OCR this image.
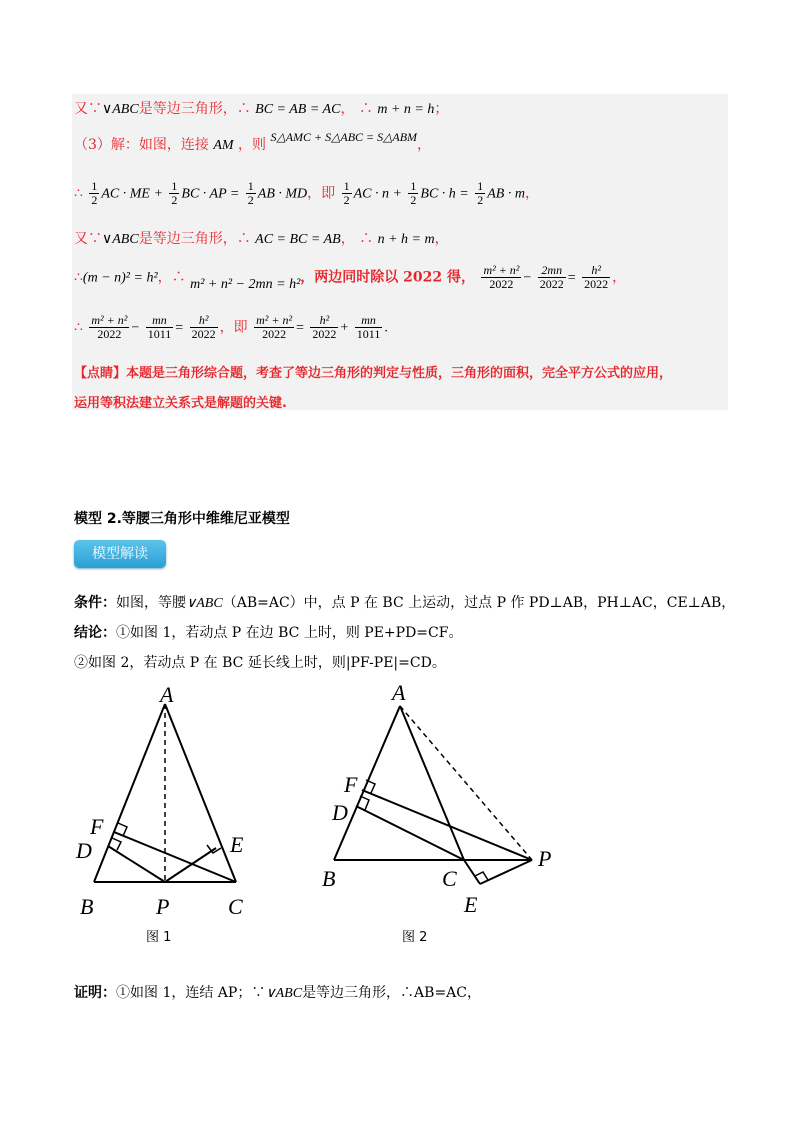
又∵∨ABC是等边三角形，∴ BC = AB = AC， ∴ m + n = h；
（3）解：如图，连接 AM ，则 S△AMC + S△ABC = S△ABM，
∴ $\frac{1}{2}$ AC · ME + $\frac{1}{2}$ BC · AP = $\frac{1}{2}$ AB · MD，即 $\frac{1}{2}$ AC · $n + \frac{1}{2}$ BC · $h = \frac{1}{2}$ AB · m，
又∵∨ABC是等边三角形，∴ AC = BC = AB， ∴ n + h = m，
∴(m − n)² = h²，∴ m² + n² − 2mn = h²，两边同时除以 2022 得， $\frac{\text{m² + n²}}{2022} - \frac{2mn}{2022} = \frac{\text{h²}}{2022}$ ，
∴ $\frac{\text{m² + n²}}{2022} - \frac{mn}{1011} = \frac{\text{h²}}{2022}$ ，即 $\frac{\text{m² + n²}}{2022} = \frac{\text{h²}}{2022} + \frac{mn}{1011}$ .
【点睛】本题是三角形综合题，考查了等边三角形的判定与性质，三角形的面积，完全平方公式的应用，
运用等积法建立关系式是解题的关键.
模型 2.等腰三角形中维维尼亚模型
模型解读
条件：如图，等腰∨ABC（AB=AC）中，点 P 在 BC 上运动，过点 P 作 PD⊥AB，PH⊥AC，CE⊥AB，
结论：①如图 1，若动点 P 在边 BC 上时，则 PE+PD=CF。
②如图 2，若动点 P 在 BC 延长线上时，则|PF-PE|=CD。
A
B	C
D
F
E
P
图 1
A
B	C
D
F
E
P
图 2
证明：①如图 1，连结 AP；∵∨ABC是等边三角形，∴AB=AC，
